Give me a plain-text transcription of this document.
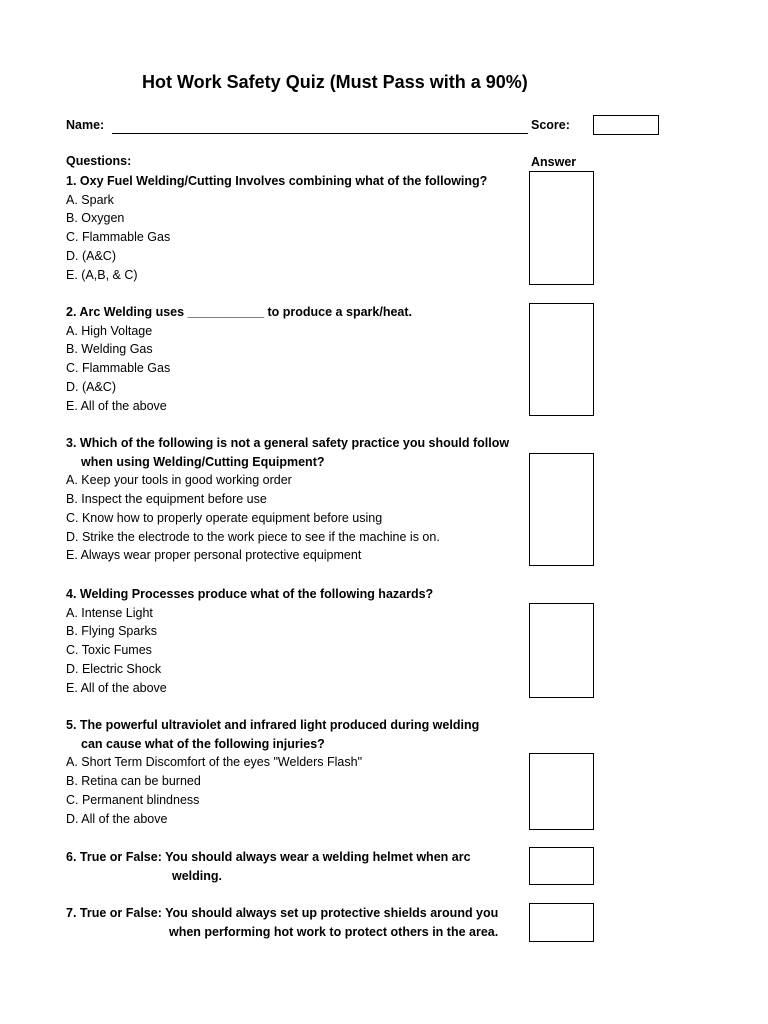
Hot Work Safety Quiz (Must Pass with a 90%)
Name:	Score:
Questions:	Answer
1. Oxy Fuel Welding/Cutting Involves combining what of the following?
A. Spark
B. Oxygen
C. Flammable Gas
D. (A&C)
E. (A,B, & C)
2. Arc Welding uses ___________ to produce a spark/heat.
A. High Voltage
B. Welding Gas
C. Flammable Gas
D. (A&C)
E. All of the above
3. Which of the following is not a general safety practice you should follow
when using Welding/Cutting Equipment?
A. Keep your tools in good working order
B. Inspect the equipment before use
C. Know how to properly operate equipment before using
D. Strike the electrode to the work piece to see if the machine is on.
E. Always wear proper personal protective equipment
4. Welding Processes produce what of the following hazards?
A. Intense Light
B. Flying Sparks
C. Toxic Fumes
D. Electric Shock
E. All of the above
5. The powerful ultraviolet and infrared light produced during welding
can cause what of the following injuries?
A. Short Term Discomfort of the eyes "Welders Flash"
B. Retina can be burned
C. Permanent blindness
D. All of the above
6. True or False: You should always wear a welding helmet when arc
welding.
7. True or False: You should always set up protective shields around you
when performing hot work to protect others in the area.
